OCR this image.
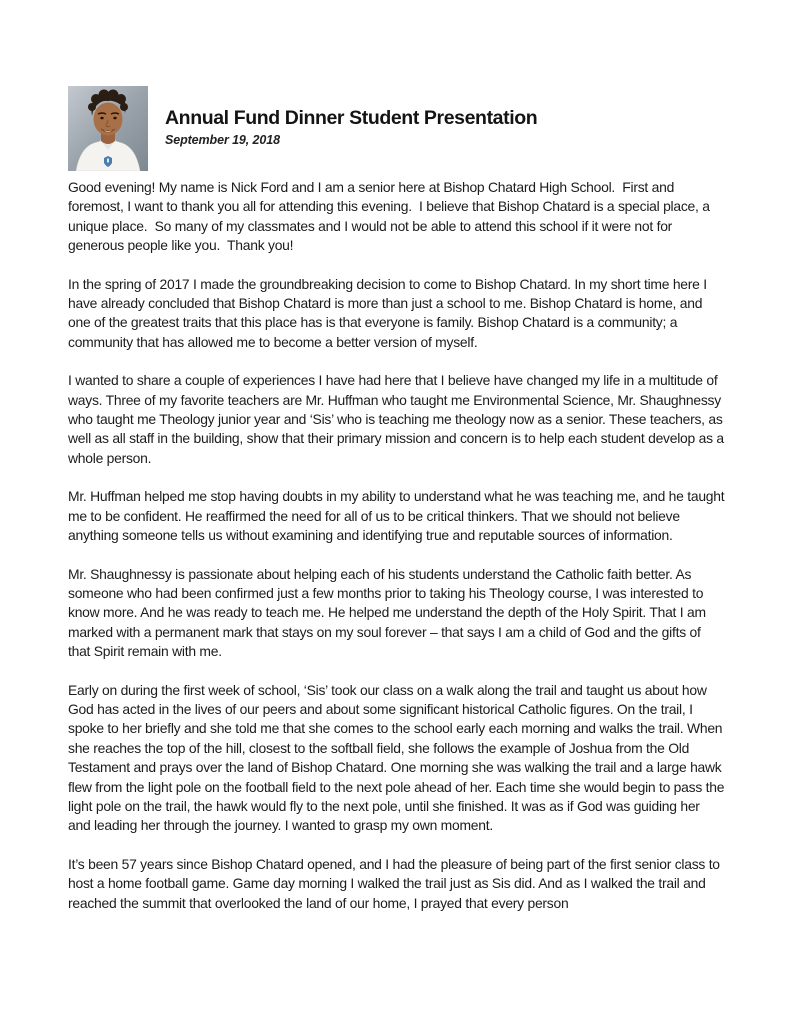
Annual Fund Dinner Student Presentation
September 19, 2018

Good evening! My name is Nick Ford and I am a senior here at Bishop Chatard High School.  First and foremost, I want to thank you all for attending this evening.  I believe that Bishop Chatard is a special place, a unique place.  So many of my classmates and I would not be able to attend this school if it were not for generous people like you.  Thank you!

In the spring of 2017 I made the groundbreaking decision to come to Bishop Chatard. In my short time here I have already concluded that Bishop Chatard is more than just a school to me. Bishop Chatard is home, and one of the greatest traits that this place has is that everyone is family. Bishop Chatard is a community; a community that has allowed me to become a better version of myself.

I wanted to share a couple of experiences I have had here that I believe have changed my life in a multitude of ways. Three of my favorite teachers are Mr. Huffman who taught me Environmental Science, Mr. Shaughnessy who taught me Theology junior year and ‘Sis’ who is teaching me theology now as a senior. These teachers, as well as all staff in the building, show that their primary mission and concern is to help each student develop as a whole person.

Mr. Huffman helped me stop having doubts in my ability to understand what he was teaching me, and he taught me to be confident. He reaffirmed the need for all of us to be critical thinkers. That we should not believe anything someone tells us without examining and identifying true and reputable sources of information.

Mr. Shaughnessy is passionate about helping each of his students understand the Catholic faith better. As someone who had been confirmed just a few months prior to taking his Theology course, I was interested to know more. And he was ready to teach me. He helped me understand the depth of the Holy Spirit. That I am marked with a permanent mark that stays on my soul forever – that says I am a child of God and the gifts of that Spirit remain with me.

Early on during the first week of school, ‘Sis’ took our class on a walk along the trail and taught us about how God has acted in the lives of our peers and about some significant historical Catholic figures. On the trail, I spoke to her briefly and she told me that she comes to the school early each morning and walks the trail. When she reaches the top of the hill, closest to the softball field, she follows the example of Joshua from the Old Testament and prays over the land of Bishop Chatard. One morning she was walking the trail and a large hawk flew from the light pole on the football field to the next pole ahead of her. Each time she would begin to pass the light pole on the trail, the hawk would fly to the next pole, until she finished. It was as if God was guiding her and leading her through the journey. I wanted to grasp my own moment.

It’s been 57 years since Bishop Chatard opened, and I had the pleasure of being part of the first senior class to host a home football game. Game day morning I walked the trail just as Sis did. And as I walked the trail and reached the summit that overlooked the land of our home, I prayed that every person
